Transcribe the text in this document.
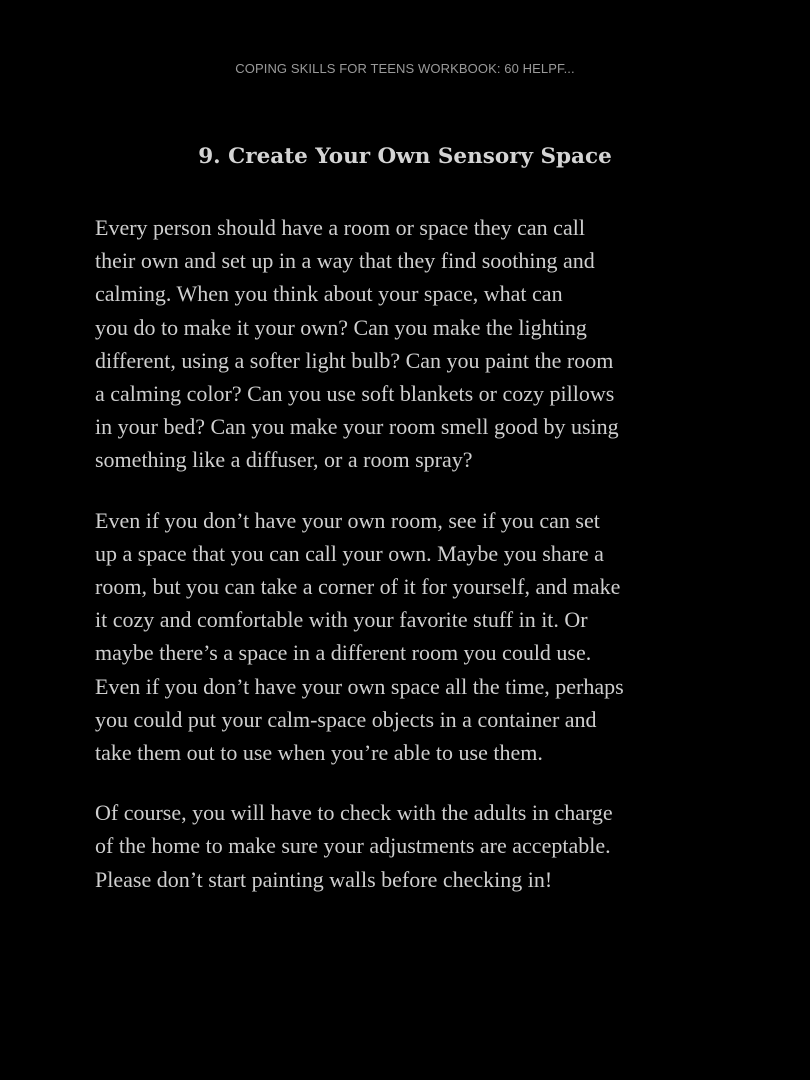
COPING SKILLS FOR TEENS WORKBOOK: 60 HELPF...
9. Create Your Own Sensory Space

Every person should have a room or space they can call
their own and set up in a way that they find soothing and
calming. When you think about your space, what can
you do to make it your own? Can you make the lighting
different, using a softer light bulb? Can you paint the room
a calming color? Can you use soft blankets or cozy pillows
in your bed? Can you make your room smell good by using
something like a diffuser, or a room spray?

Even if you don’t have your own room, see if you can set
up a space that you can call your own. Maybe you share a
room, but you can take a corner of it for yourself, and make
it cozy and comfortable with your favorite stuff in it. Or
maybe there’s a space in a different room you could use.
Even if you don’t have your own space all the time, perhaps
you could put your calm-space objects in a container and
take them out to use when you’re able to use them.

Of course, you will have to check with the adults in charge
of the home to make sure your adjustments are acceptable.
Please don’t start painting walls before checking in!
